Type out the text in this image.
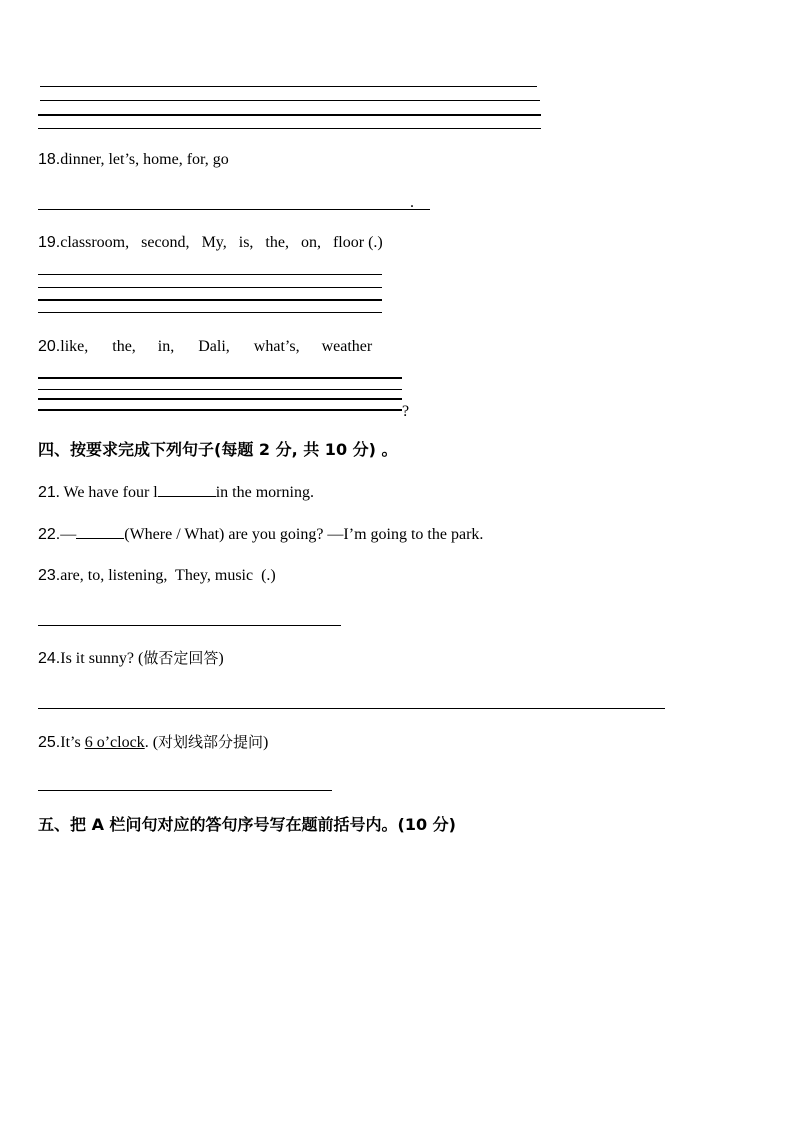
18.dinner, let’s, home, for, go
.
19.classroom, second, My, is, the, on, floor (.)
20.like, the, in, Dali, what’s, weather
?
四、按要求完成下列句子(每题 2 分, 共 10 分) 。
21. We have four l	in the morning.
22.—	(Where / What) are you going? —I’m going to the park.
23.are, to, listening,  They, music  (.)
24.Is it sunny? (做否定回答)
25.It’s 6 o’clock. (对划线部分提问)
五、把 A 栏问句对应的答句序号写在题前括号内。(10 分)
